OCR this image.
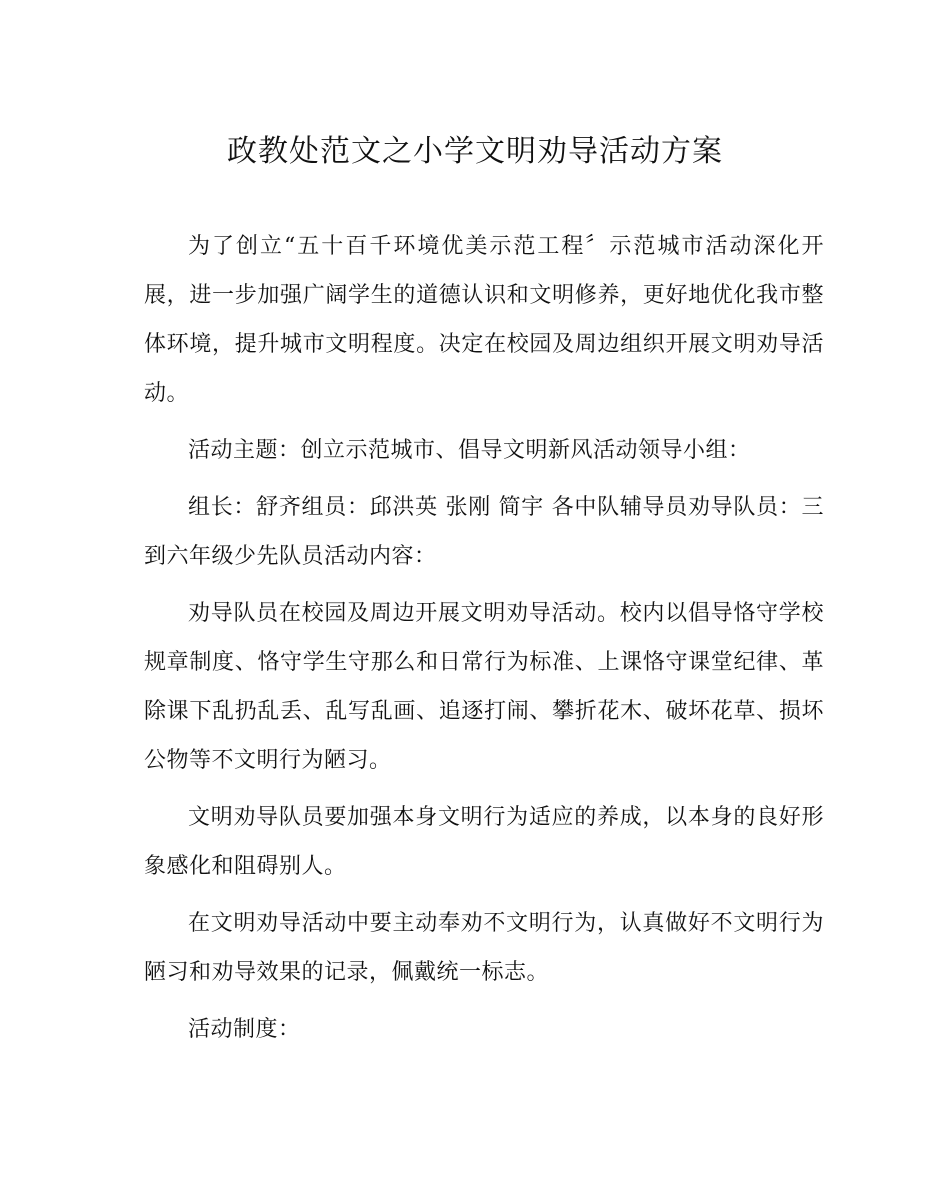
政教处范文之小学文明劝导活动方案

为了创立“五十百千环境优美示范工程〞示范城市活动深化开展，进一步加强广阔学生的道德认识和文明修养，更好地优化我市整体环境，提升城市文明程度。决定在校园及周边组织开展文明劝导活动。

活动主题：创立示范城市、倡导文明新风活动领导小组：

组长：舒齐组员：邱洪英 张刚 简宇 各中队辅导员劝导队员：三到六年级少先队员活动内容：

劝导队员在校园及周边开展文明劝导活动。校内以倡导恪守学校规章制度、恪守学生守那么和日常行为标准、上课恪守课堂纪律、革除课下乱扔乱丢、乱写乱画、追逐打闹、攀折花木、破坏花草、损坏公物等不文明行为陋习。

文明劝导队员要加强本身文明行为适应的养成，以本身的良好形象感化和阻碍别人。

在文明劝导活动中要主动奉劝不文明行为，认真做好不文明行为陋习和劝导效果的记录，佩戴统一标志。

活动制度：
